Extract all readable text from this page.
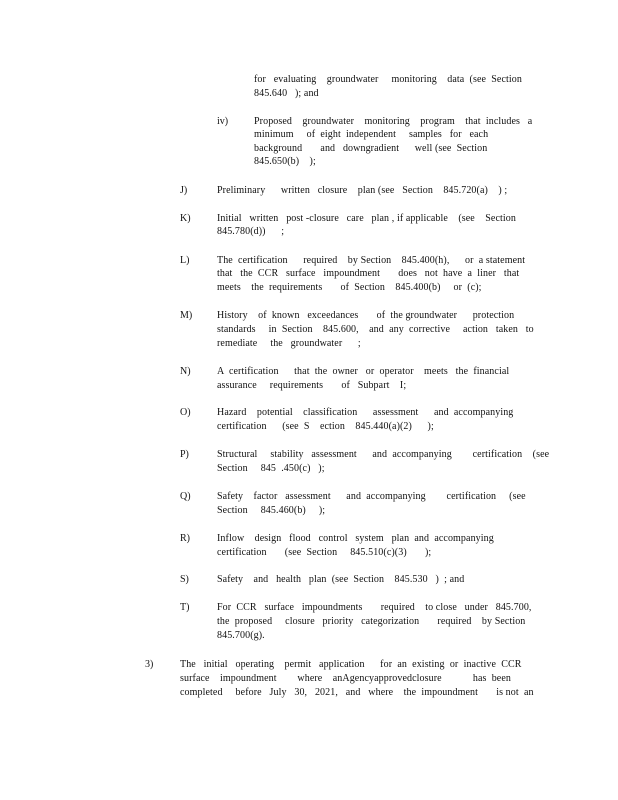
for   evaluating    groundwater     monitoring    data  (see  Section
845.640   ); and
iv)	Proposed    groundwater    monitoring    program    that  includes   a
minimum     of  eight  independent     samples   for   each
background       and   downgradient      well (see  Section
845.650(b)    );
J)	Preliminary      written   closure    plan (see   Section    845.720(a)    ) ;
K)	Initial   written   post -closure   care   plan , if applicable    (see    Section
845.780(d))      ;
L)	The  certification      required    by Section    845.400(h),      or  a statement
that   the  CCR   surface   impoundment       does   not  have  a  liner   that
meets    the  requirements       of  Section    845.400(b)     or  (c);
M) History    of  known   exceedances       of  the groundwater      protection
standards     in  Section    845.600,    and  any  corrective     action   taken   to
remediate     the   groundwater      ;
N)	A  certification      that  the  owner   or  operator    meets   the  financial
assurance     requirements       of   Subpart    I;
O)	Hazard    potential    classification      assessment      and  accompanying
certification      (see  S    ection    845.440(a)(2)      );
P)	Structural     stability   assessment      and  accompanying        certification    (see
Section     845  .450(c)   );
Q)	Safety    factor   assessment      and  accompanying        certification     (see
Section     845.460(b)     );
R)	Inflow    design   flood   control   system   plan  and  accompanying
certification       (see  Section     845.510(c)(3)       );
S)	Safety    and   health   plan  (see  Section    845.530   )  ; and
T)	For  CCR   surface   impoundments       required    to close   under   845.700,
the  proposed     closure   priority   categorization       required    by Section
845.700(g).
3)	The   initial   operating    permit   application      for  an  existing  or  inactive  CCR
surface    impoundment        where    anAgencyapprovedclosure            has  been
completed     before   July   30,   2021,   and   where    the  impoundment       is not  an
